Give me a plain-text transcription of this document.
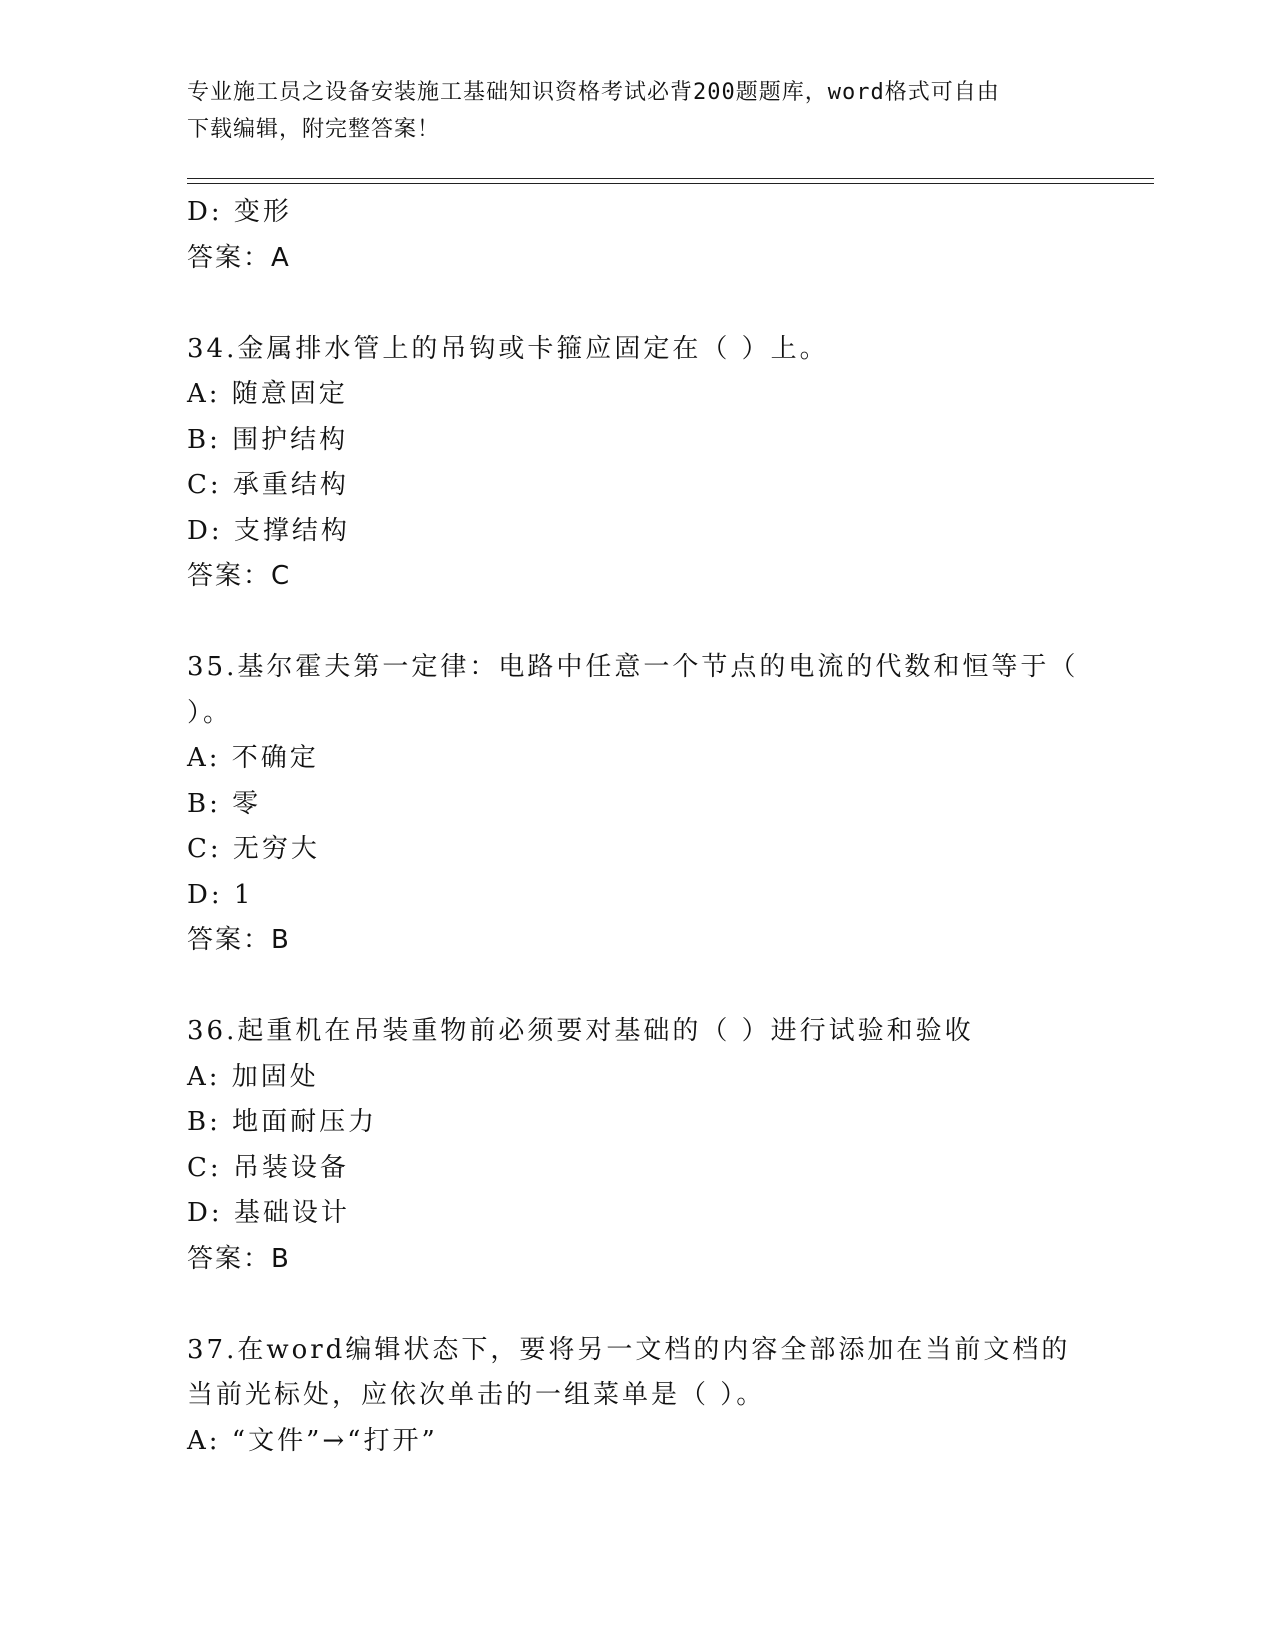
专业施工员之设备安装施工基础知识资格考试必背200题题库，word格式可自由
下载编辑，附完整答案！
D: 变形
答案：A
34.金属排水管上的吊钩或卡箍应固定在（ ）上。
A: 随意固定
B: 围护结构
C: 承重结构
D: 支撑结构
答案：C
35.基尔霍夫第一定律：电路中任意一个节点的电流的代数和恒等于（
）。
A: 不确定
B: 零
C: 无穷大
D: 1
答案：B
36.起重机在吊装重物前必须要对基础的（ ）进行试验和验收
A: 加固处
B: 地面耐压力
C: 吊装设备
D: 基础设计
答案：B
37.在word编辑状态下，要将另一文档的内容全部添加在当前文档的
当前光标处，应依次单击的一组菜单是（ ）。
A: “文件”→“打开”
